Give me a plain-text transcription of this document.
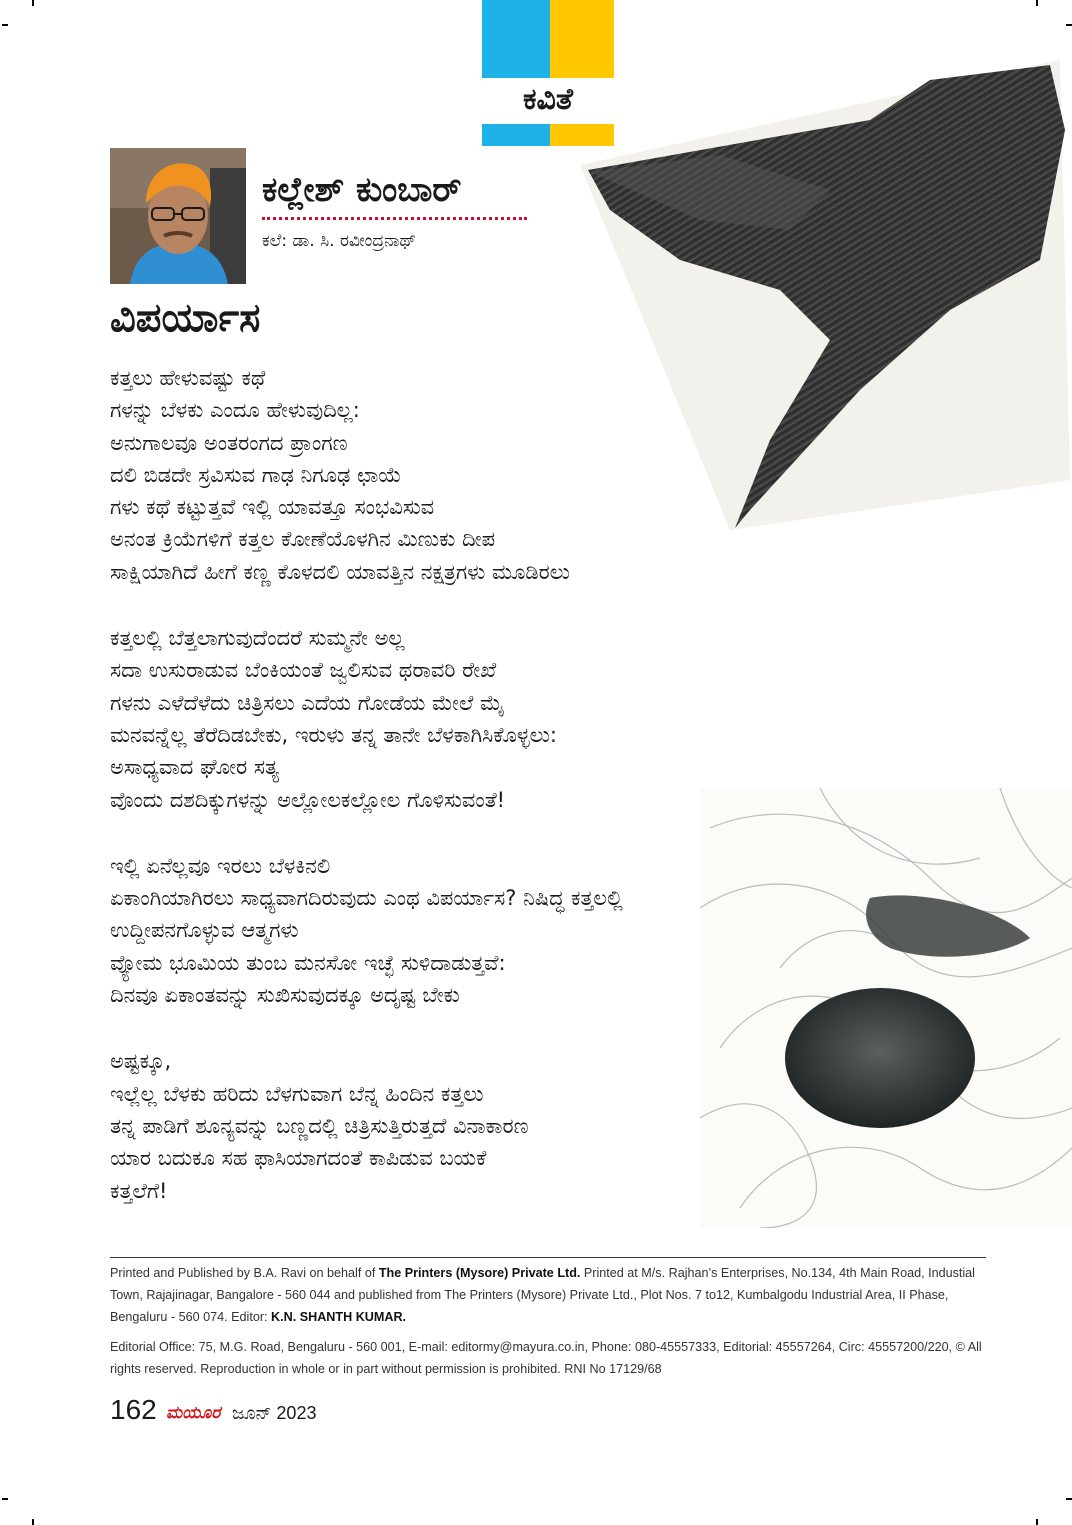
ಕವಿತೆ
ಕಲ್ಲೇಶ್ ಕುಂಬಾರ್
ಕಲೆ: ಡಾ. ಸಿ. ರವೀಂದ್ರನಾಥ್
ವಿಪರ್ಯಾಸ
ಕತ್ತಲು ಹೇಳುವಷ್ಟು ಕಥೆ
ಗಳನ್ನು ಬೆಳಕು ಎಂದೂ ಹೇಳುವುದಿಲ್ಲ:
ಅನುಗಾಲವೂ ಅಂತರಂಗದ ಪ್ರಾಂಗಣ
ದಲಿ ಬಿಡದೇ ಸ್ರವಿಸುವ ಗಾಢ ನಿಗೂಢ ಛಾಯೆ
ಗಳು ಕಥೆ ಕಟ್ಟುತ್ತವೆ ಇಲ್ಲಿ ಯಾವತ್ತೂ ಸಂಭವಿಸುವ
ಅನಂತ ಕ್ರಿಯೆಗಳಿಗೆ ಕತ್ತಲ ಕೋಣೆಯೊಳಗಿನ ಮಿಣುಕು ದೀಪ
ಸಾಕ್ಷಿಯಾಗಿದೆ ಹೀಗೆ ಕಣ್ಣ ಕೊಳದಲಿ ಯಾವತ್ತಿನ ನಕ್ಷತ್ರಗಳು ಮೂಡಿರಲು
ಕತ್ತಲಲ್ಲಿ ಬೆತ್ತಲಾಗುವುದೆಂದರೆ ಸುಮ್ಮನೇ ಅಲ್ಲ
ಸದಾ ಉಸುರಾಡುವ ಬೆಂಕಿಯಂತೆ ಜ್ವಲಿಸುವ ಥರಾವರಿ ರೇಖೆ
ಗಳನು ಎಳೆದೆಳೆದು ಚಿತ್ರಿಸಲು ಎದೆಯ ಗೋಡೆಯ ಮೇಲೆ ಮೈ
ಮನವನ್ನೆಲ್ಲ ತೆರೆದಿಡಬೇಕು, ಇರುಳು ತನ್ನ ತಾನೇ ಬೆಳಕಾಗಿಸಿಕೊಳ್ಳಲು:
ಅಸಾಧ್ಯವಾದ ಘೋರ ಸತ್ಯ
ವೊಂದು ದಶದಿಕ್ಕುಗಳನ್ನು ಅಲ್ಲೋಲಕಲ್ಲೋಲ ಗೊಳಿಸುವಂತೆ!
ಇಲ್ಲಿ ಏನೆಲ್ಲವೂ ಇರಲು ಬೆಳಕಿನಲಿ
ಏಕಾಂಗಿಯಾಗಿರಲು ಸಾಧ್ಯವಾಗದಿರುವುದು ಎಂಥ ವಿಪರ್ಯಾಸ? ನಿಷಿದ್ಧ ಕತ್ತಲಲ್ಲಿ
ಉದ್ದೀಪನಗೊಳ್ಳುವ ಆತ್ಮಗಳು
ವ್ಯೋಮ ಭೂಮಿಯ ತುಂಬ ಮನಸೋ ಇಚ್ಛೆ ಸುಳಿದಾಡುತ್ತವೆ:
ದಿನವೂ ಏಕಾಂತವನ್ನು ಸುಖಿಸುವುದಕ್ಕೂ ಅದೃಷ್ಟ ಬೇಕು
ಅಷ್ಟಕ್ಕೂ,
ಇಲ್ಲೆಲ್ಲ ಬೆಳಕು ಹರಿದು ಬೆಳಗುವಾಗ ಬೆನ್ನ ಹಿಂದಿನ ಕತ್ತಲು
ತನ್ನ ಪಾಡಿಗೆ ಶೂನ್ಯವನ್ನು ಬಣ್ಣದಲ್ಲಿ ಚಿತ್ರಿಸುತ್ತಿರುತ್ತದೆ ವಿನಾಕಾರಣ
ಯಾರ ಬದುಕೂ ಸಹ ಫಾಸಿಯಾಗದಂತೆ ಕಾಪಿಡುವ ಬಯಕೆ
ಕತ್ತಲೆಗೆ!

Printed and Published by B.A. Ravi on behalf of The Printers (Mysore) Private Ltd. Printed at M/s. Rajhan’s Enterprises, No.134, 4th Main Road, Industial Town, Rajajinagar, Bangalore - 560 044 and published from The Printers (Mysore) Private Ltd., Plot Nos. 7 to12, Kumbalgodu Industrial Area, II Phase, Bengaluru - 560 074. Editor: K.N. SHANTH KUMAR.

Editorial Office: 75, M.G. Road, Bengaluru - 560 001, E-mail: editormy@mayura.co.in, Phone: 080-45557333, Editorial: 45557264, Circ: 45557200/220, © All rights reserved. Reproduction in whole or in part without permission is prohibited. RNI No 17129/68

162 ಮಯೂರ ಜೂನ್ 2023
